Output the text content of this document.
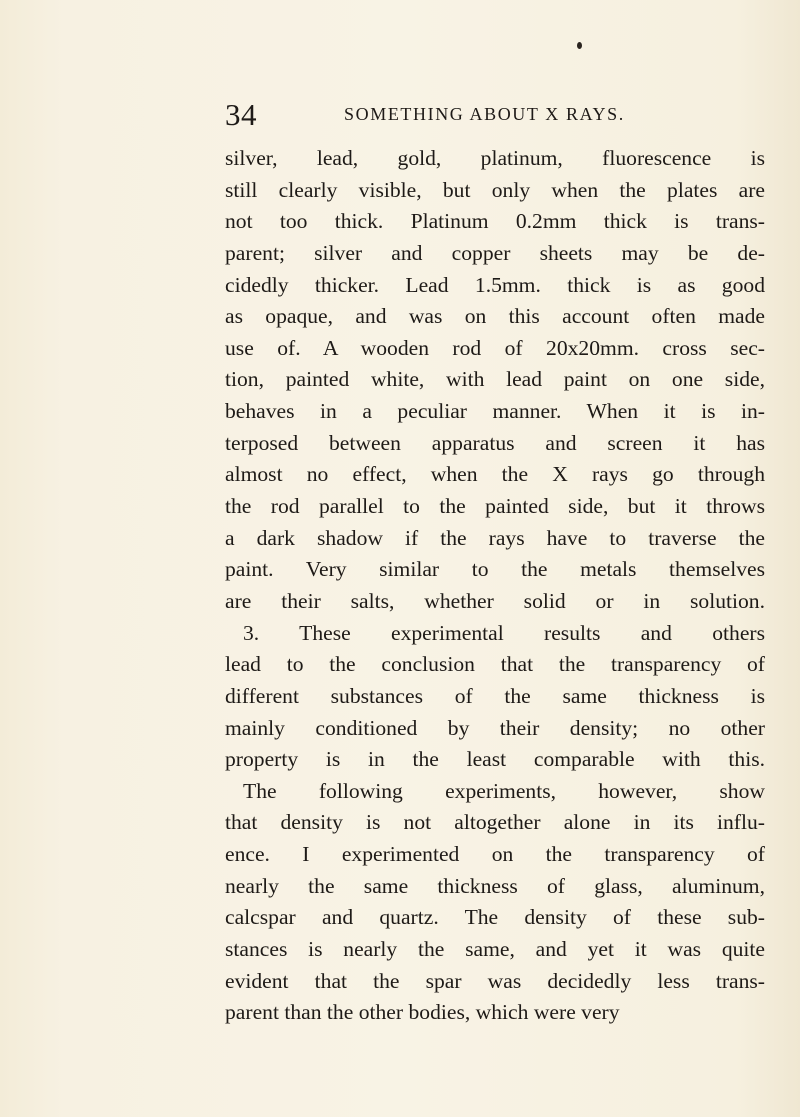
34	SOMETHING ABOUT X RAYS.
silver, lead, gold, platinum, fluorescence is
still clearly visible, but only when the plates are
not too thick. Platinum 0.2mm thick is trans-
parent; silver and copper sheets may be de-
cidedly thicker. Lead 1.5mm. thick is as good
as opaque, and was on this account often made
use of. A wooden rod of 20x20mm. cross sec-
tion, painted white, with lead paint on one side,
behaves in a peculiar manner. When it is in-
terposed between apparatus and screen it has
almost no effect, when the X rays go through
the rod parallel to the painted side, but it throws
a dark shadow if the rays have to traverse the
paint. Very similar to the metals themselves
are their salts, whether solid or in solution.
3. These experimental results and others
lead to the conclusion that the transparency of
different substances of the same thickness is
mainly conditioned by their density; no other
property is in the least comparable with this.
The following experiments, however, show
that density is not altogether alone in its influ-
ence. I experimented on the transparency of
nearly the same thickness of glass, aluminum,
calcspar and quartz. The density of these sub-
stances is nearly the same, and yet it was quite
evident that the spar was decidedly less trans-
parent than the other bodies, which were very
